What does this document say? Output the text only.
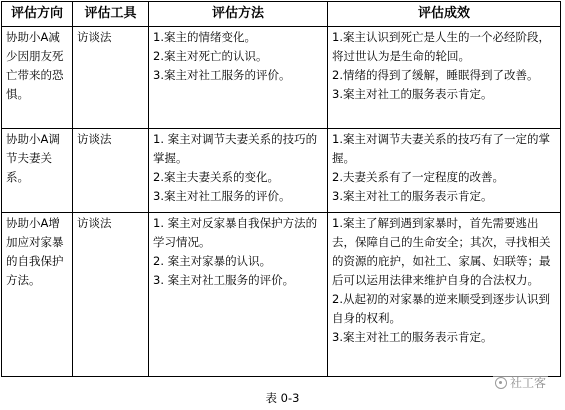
评估方向	评估工具	评估方法	评估成效
协助小A减少因朋友死亡带来的恐惧。	访谈法	1.案主的情绪变化。
2.案主对死亡的认识。
3.案主对社工服务的评价。	1.案主认识到死亡是人生的一个必经阶段，将过世认为是生命的轮回。
2.情绪的得到了缓解，睡眠得到了改善。
3.案主对社工的服务表示肯定。

协助小A调节夫妻关系。	访谈法	1. 案主对调节夫妻关系的技巧的掌握。
2.案主夫妻关系的变化。
3.案主对社工服务的评价。	1.案主对调节夫妻关系的技巧有了一定的掌握。
2.夫妻关系有了一定程度的改善。
3.案主对社工的服务表示肯定。

协助小A增加应对家暴的自我保护方法。	访谈法	1. 案主对反家暴自我保护方法的学习情况。
2. 案主对家暴的认识。
3. 案主对社工服务的评价。	1.案主了解到遇到家暴时，首先需要逃出去，保障自己的生命安全；其次，寻找相关的资源的庇护，如社工、家属、妇联等；最后可以运用法律来维护自身的合法权力。
2.从起初的对家暴的逆来顺受到逐步认识到自身的权利。
3.案主对社工的服务表示肯定。
社工客
表 0-3
